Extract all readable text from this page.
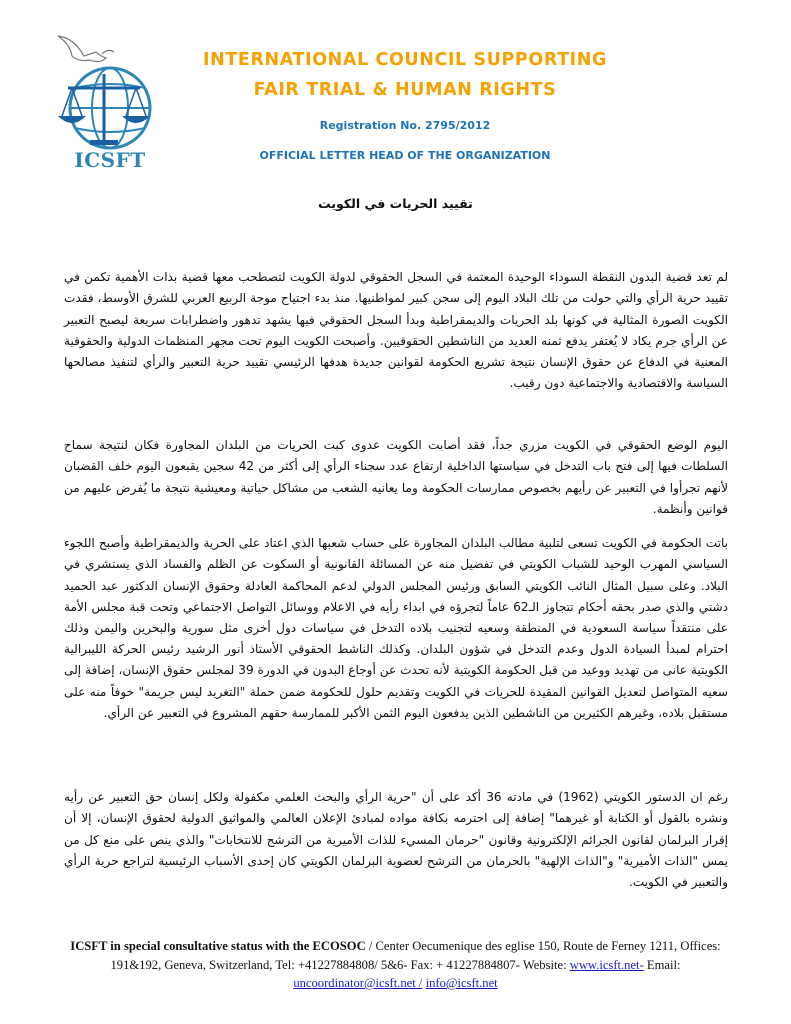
ICSFT
INTERNATIONAL COUNCIL SUPPORTING
FAIR TRIAL & HUMAN RIGHTS
Registration No. 2795/2012
OFFICIAL LETTER HEAD OF THE ORGANIZATION
تقييد الحريات في الكويت

لم تعد قضية البدون النقطة السوداء الوحيدة المعتمة في السجل الحقوقي لدولة الكويت لتصطحب معها قضية بذات الأهمية تكمن في تقييد حرية الرأي والتي حولت من تلك البلاد اليوم إلى سجن كبير لمواطنيها. منذ بدء اجتياح موجة الربيع العربي للشرق الأوسط، فقدت الكويت الصورة المثالية في كونها بلد الحريات والديمقراطية وبدأ السجل الحقوقي فيها يشهد تدهور واضطرابات سريعة ليصبح التعبير عن الرأي جرم يكاد لا يُغتفر يدفع ثمنه العديد من الناشطين الحقوقيين. وأصبحت الكويت اليوم تحت مجهر المنظمات الدولية والحقوقية المعنية في الدفاع عن حقوق الإنسان نتيجة تشريع الحكومة لقوانين جديدة هدفها الرئيسي تقييد حرية التعبير والرأي لتنفيذ مصالحها السياسة والاقتصادية والاجتماعية دون رقيب.

اليوم الوضع الحقوقي في الكويت مزري جداً، فقد أصابت الكويت عدوى كبت الحريات من البلدان المجاورة فكان لنتيجة سماح السلطات فيها إلى فتح باب التدخل في سياستها الداخلية ارتفاع عدد سجناء الرأي إلى أكثر من 42 سجين يقبعون اليوم خلف القضبان لأنهم تجرأوا في التعبير عن رأيهم بخصوص ممارسات الحكومة وما يعانيه الشعب من مشاكل حياتية ومعيشية نتيجة ما يُفرض عليهم من قوانين وأنظمة.

باتت الحكومة في الكويت تسعى لتلبية مطالب البلدان المجاورة على حساب شعبها الذي اعتاد على الحرية والديمقراطية وأصبح اللجوء السياسي المهرب الوحيد للشباب الكويتي في تفضيل منه عن المسائلة القانونية أو السكوت عن الظلم والفساد الذي يستشري في البلاد. وعلى سبيل المثال النائب الكويتي السابق ورئيس المجلس الدولي لدعم المحاكمة العادلة وحقوق الإنسان الدكتور عبد الحميد دشتي والذي صدر بحقه أحكام تتجاوز الـ62 عاماً لتجرؤه في ابداء رأيه في الاعلام ووسائل التواصل الاجتماعي وتحت قبة مجلس الأمة على منتقداً سياسة السعودية في المنطقة وسعيه لتجنيب بلاده التدخل في سياسات دول أخرى مثل سورية والبحرين واليمن وذلك احترام لمبدأ السيادة الدول وعدم التدخل في شؤون البلدان. وكذلك الناشط الحقوقي الأستاذ أنور الرشيد رئيس الحركة الليبرالية الكويتية عانى من تهديد ووعيد من قبل الحكومة الكويتية لأنه تحدث عن أوجاع البدون في الدورة 39 لمجلس حقوق الإنسان، إضافة إلى سعيه المتواصل لتعديل القوانين المقيدة للحريات في الكويت وتقديم حلول للحكومة ضمن حملة "التغريد ليس جريمة" خوفاً منه على مستقبل بلاده، وغيرهم الكثيرين من الناشطين الذين يدفعون اليوم الثمن الأكبر للممارسة حقهم المشروع في التعبير عن الرأي.

رغم ان الدستور الكويتي (1962) في مادته 36 أكد على أن "حرية الرأي والبحث العلمي مكفولة ولكل إنسان حق التعبير عن رأيه ونشره بالقول أو الكتابة أو غيرهما" إضافة إلى احترمه بكافة مواده لمبادئ الإعلان العالمي والمواثيق الدولية لحقوق الإنسان، إلا أن إقرار البرلمان لقانون الجرائم الإلكترونية وقانون "حرمان المسيء للذات الأميرية من الترشح للانتخابات" والذي ينص على منع كل من يمس "الذات الأميرية" و"الذات الإلهية" بالحرمان من الترشح لعضوية البرلمان الكويتي كان إحدى الأسباب الرئيسية لتراجع حرية الرأي والتعبير في الكويت.

ICSFT in special consultative status with the ECOSOC / Center Oecumenique des eglise 150, Route de Ferney 1211, Offices: 191&192, Geneva, Switzerland, Tel: +41227884808/ 5&6- Fax: + 41227884807- Website: www.icsft.net- Email: uncoordinator@icsft.net / info@icsft.net
